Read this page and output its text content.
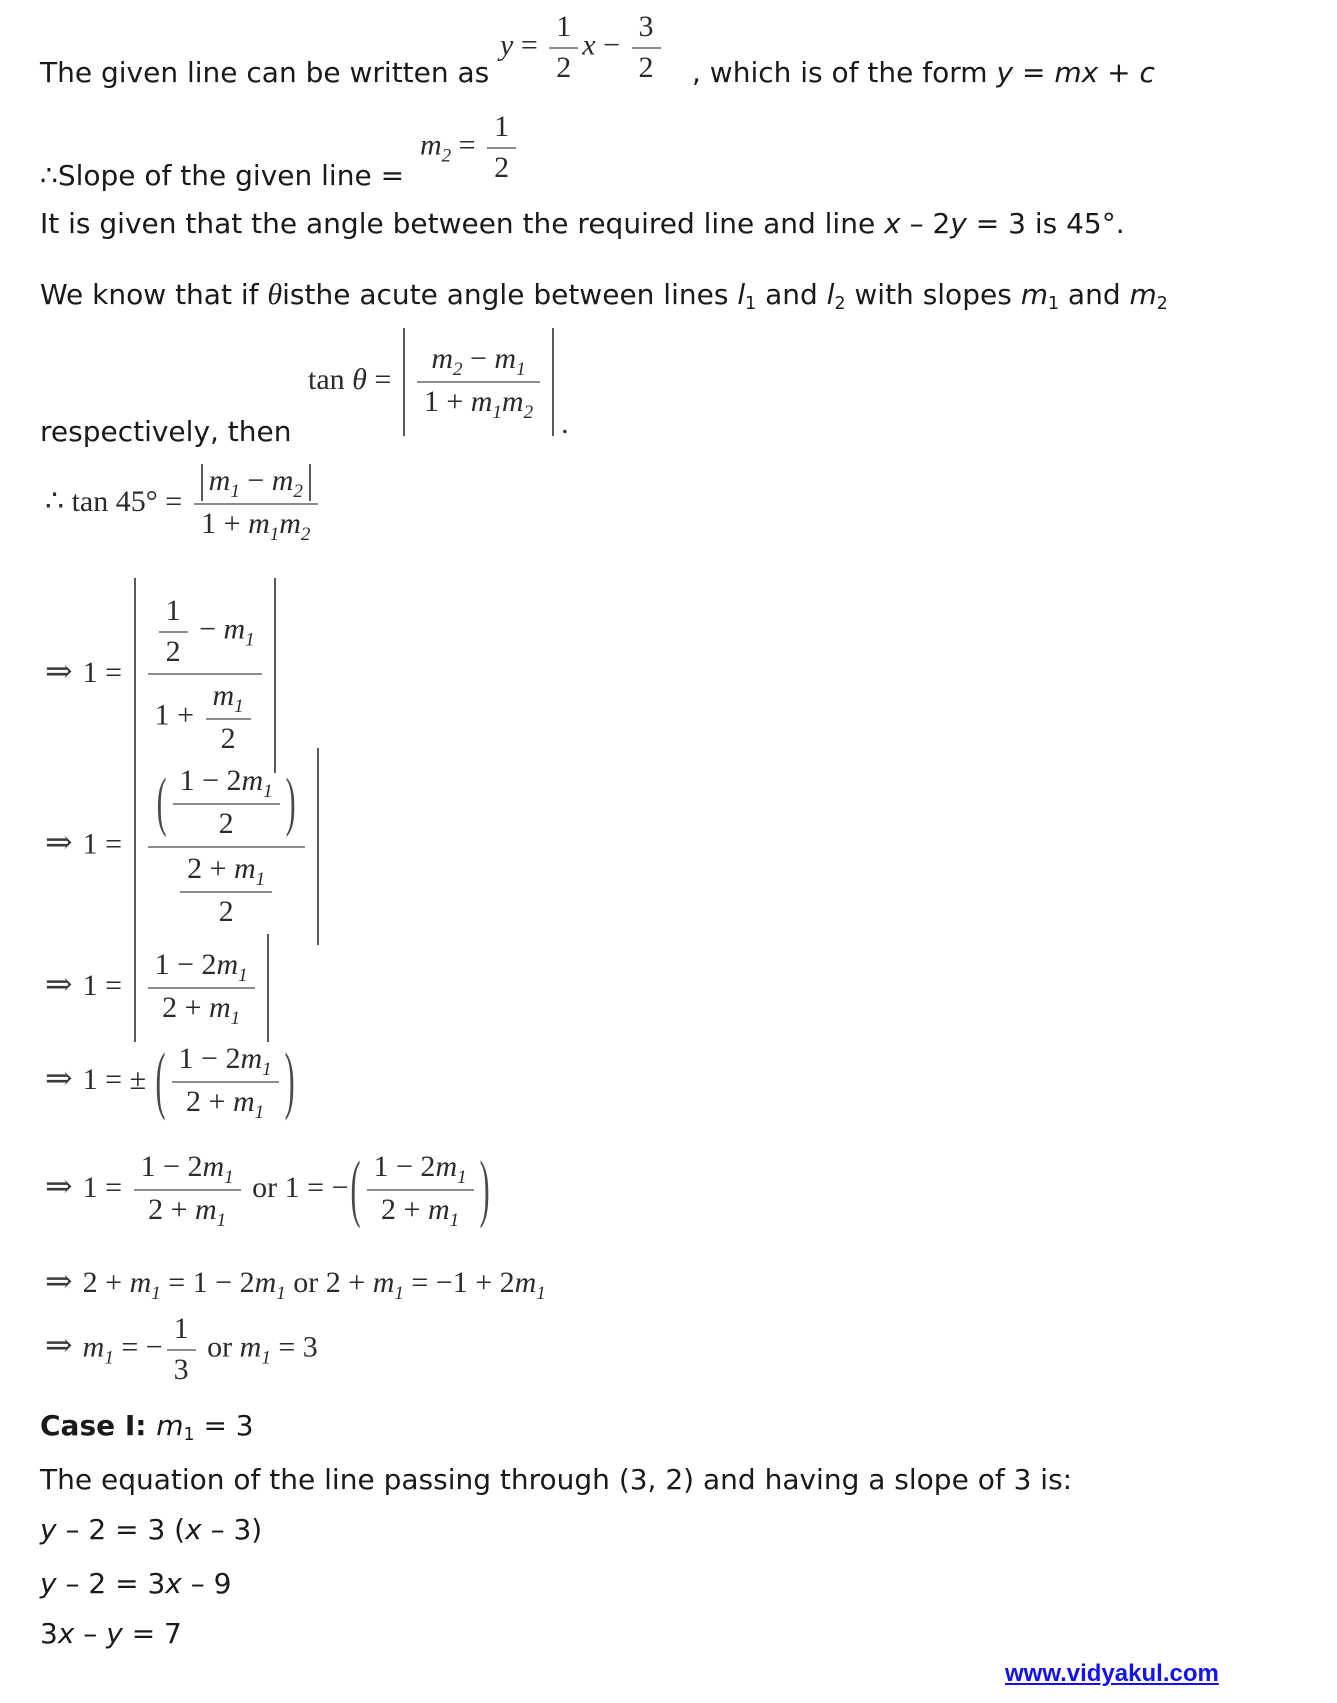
The given line can be written as
$y = \frac{1}{2}$ $x - \frac{3}{2}$ , which is of the form y = mx + c
$m_2 = \frac{1}{2}$
∴Slope of the given line =
It is given that the angle between the required line and line x – 2y = 3 is 45°.
We know that if θisthe acute angle between lines $l_1$ and $l_2$ with slopes $m_1$ and $m_2$
$\tan \theta = \frac{m_2 - m_1}{1 + m_1m_2}$ .
respectively, then
∴ $\tan 45^\circ = \frac{m_1 - m_2}{1 + m_1m_2}$
⇒ $1 = \frac{\frac{1}{2} - m_1}{1 + \frac{m_1}{2}}$
⇒ $1 = \frac{( \frac{1 - 2m_1}{2} )}{\frac{2 + m_1}{2}}$
⇒ $1 = \frac{1 - 2m_1}{2 + m_1}$
⇒ 1 = ± ( $\frac{1 - 2m_1}{2 + m_1}$ )
⇒ $1 = \frac{1 - 2m_1}{2 + m_1}$ or 1 = −( $\frac{1 - 2m_1}{2 + m_1}$ )
⇒ $2 + m_1 = 1 - 2m_1$ or $2 + m_1 = -1 + 2m_1$
⇒ $m_1$ = − $\frac{1}{3}$ or $m_1 = 3$
Case I: $m_1 = 3$
The equation of the line passing through (3, 2) and having a slope of 3 is:
y – 2 = 3 (x – 3)
y – 2 = 3x – 9
3x – y = 7
www.vidyakul.com
